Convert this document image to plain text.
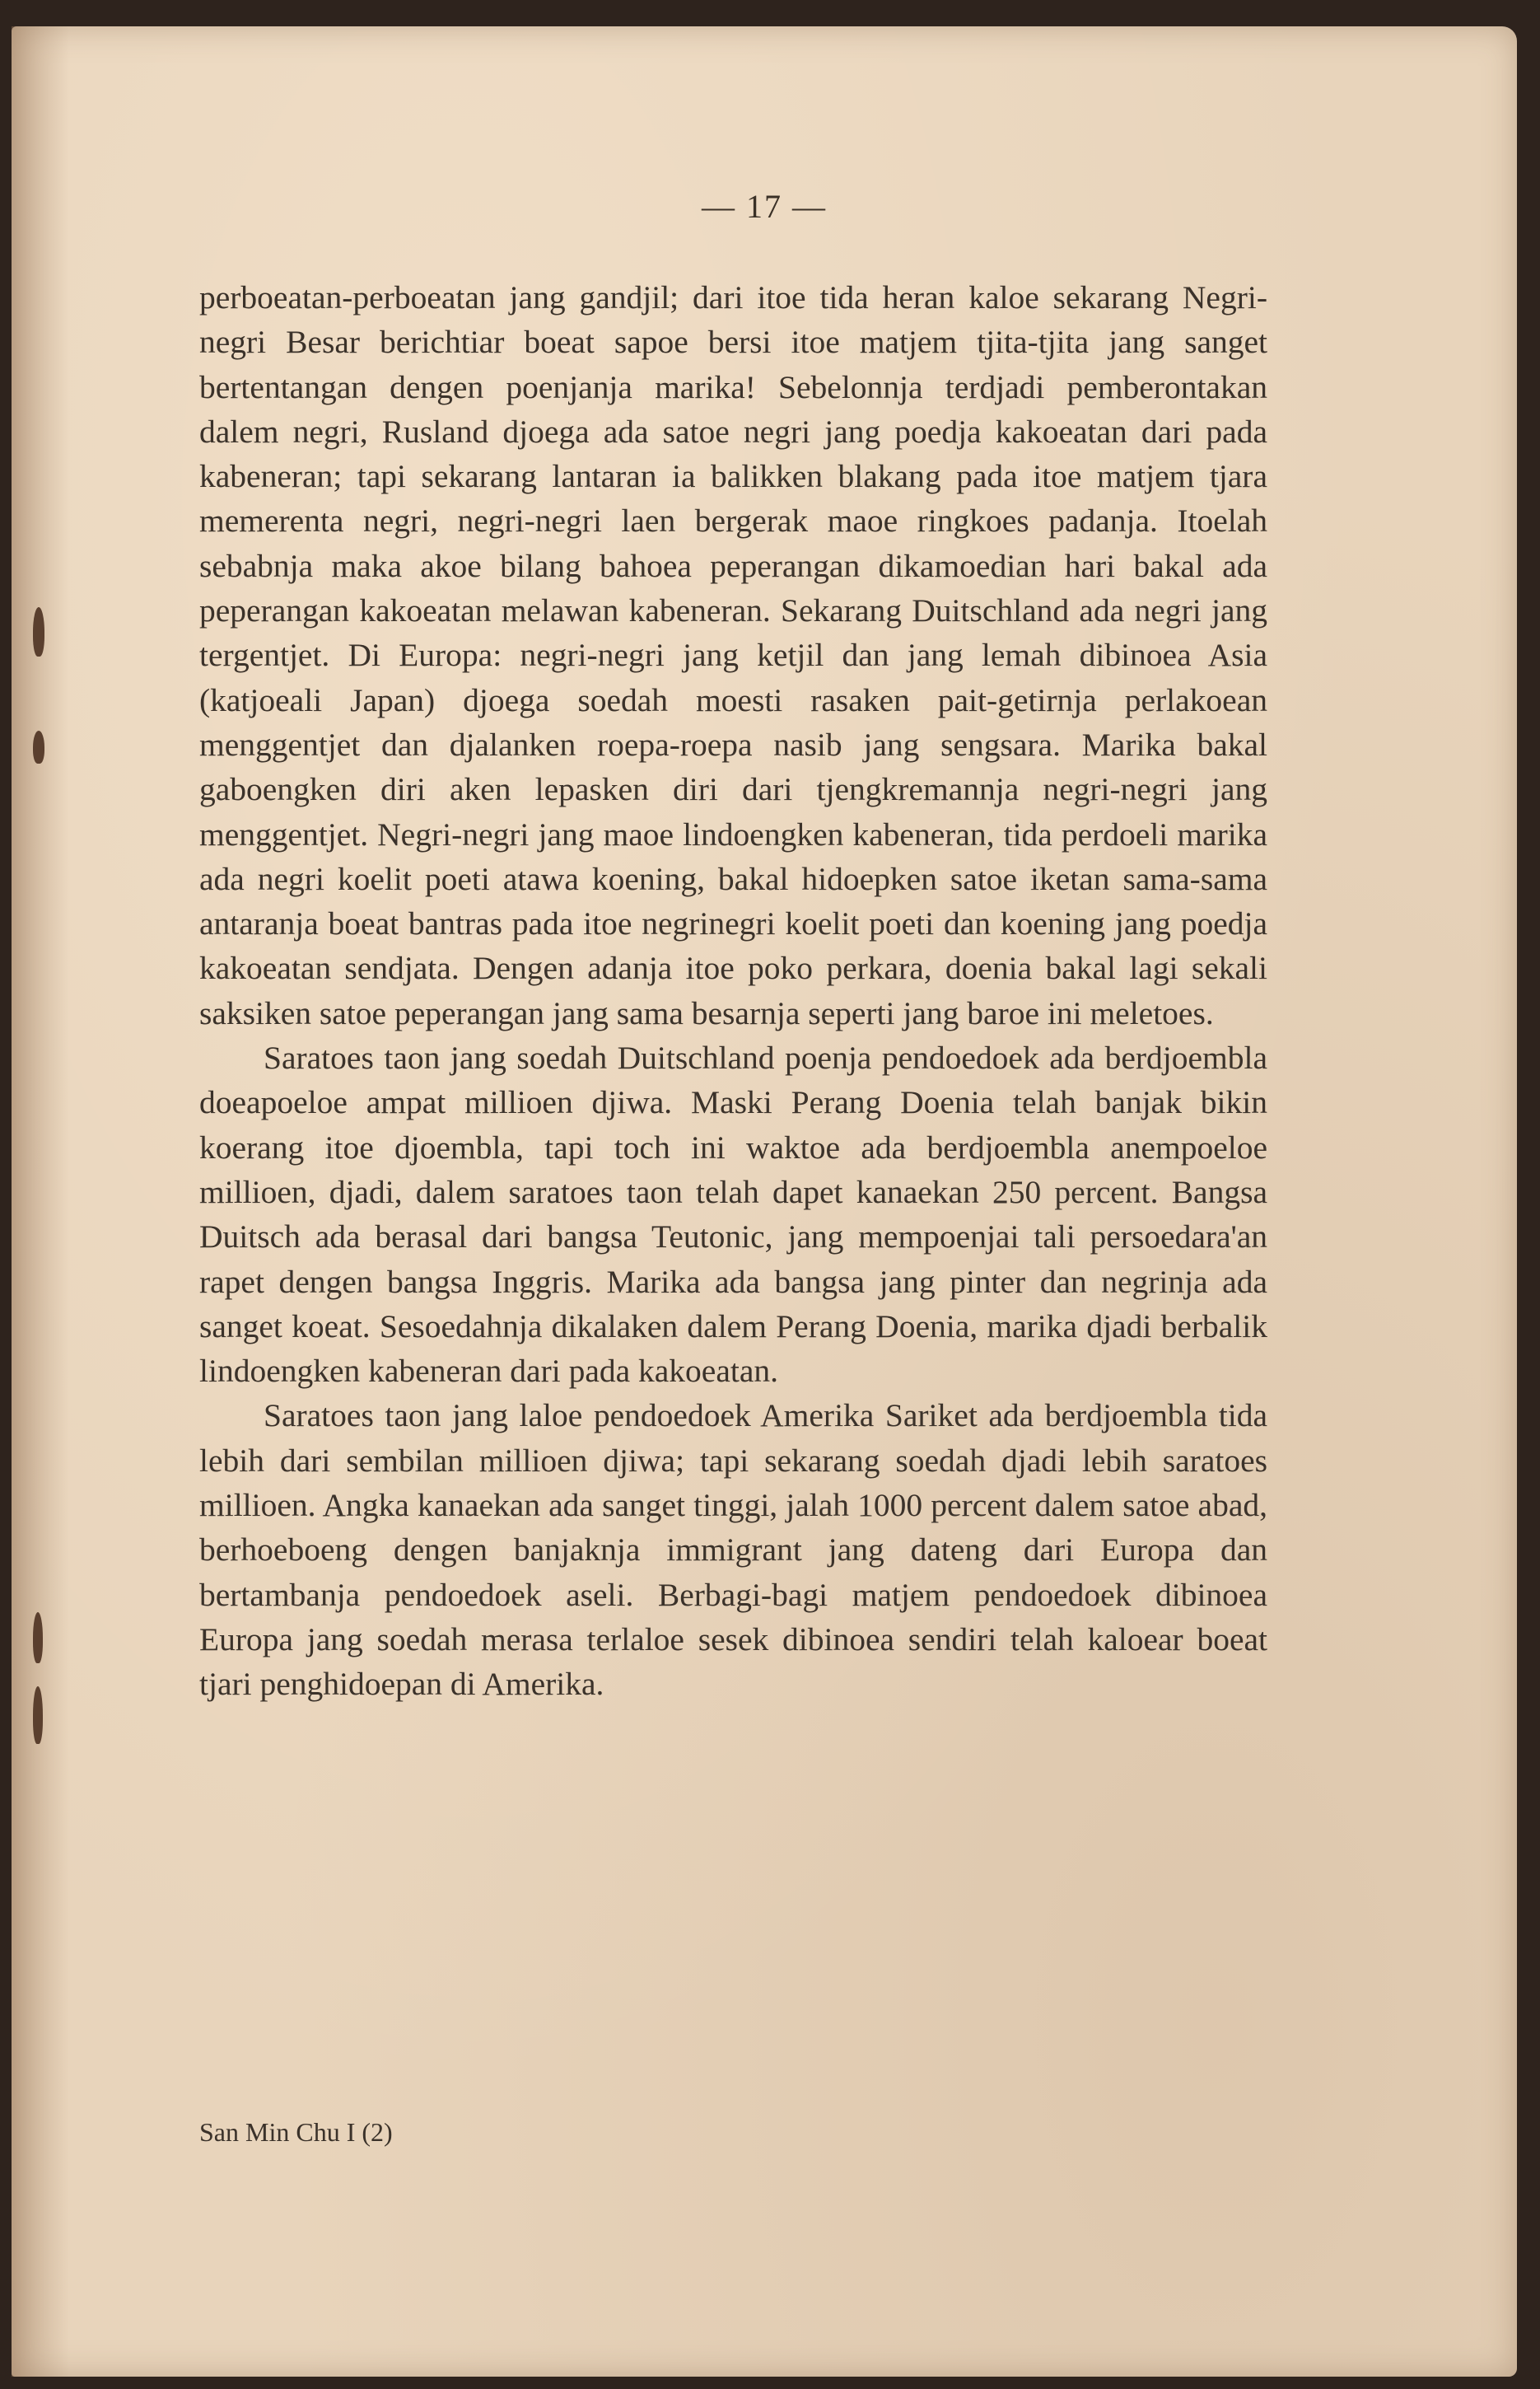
— 17 —

perboeatan-perboeatan jang gandjil; dari itoe tida heran kaloe sekarang Negri-negri Besar berichtiar boeat sapoe bersi itoe matjem tjita-tjita jang sanget bertentangan dengen poenjanja marika! Sebelonnja terdjadi pemberontakan dalem negri, Rusland djoega ada satoe negri jang poedja kakoeatan dari pada kabeneran; tapi sekarang lantaran ia balikken blakang pada itoe matjem tjara memerenta negri, negri-negri laen bergerak maoe ringkoes padanja. Itoelah sebabnja maka akoe bilang bahoea peperangan dikamoedian hari bakal ada peperangan kakoeatan melawan kabeneran. Sekarang Duitschland ada negri jang tergentjet. Di Europa: negri-negri jang ketjil dan jang lemah dibinoea Asia (katjoeali Japan) djoega soedah moesti rasaken pait-getirnja perlakoean menggentjet dan djalanken roepa-roepa nasib jang sengsara. Marika bakal gaboengken diri aken lepasken diri dari tjengkremannja negri-negri jang menggentjet. Negri-negri jang maoe lindoengken kabeneran, tida perdoeli marika ada negri koelit poeti atawa koening, bakal hidoepken satoe iketan sama-sama antaranja boeat bantras pada itoe negrinegri koelit poeti dan koening jang poedja kakoeatan sendjata. Dengen adanja itoe poko perkara, doenia bakal lagi sekali saksiken satoe peperangan jang sama besarnja seperti jang baroe ini meletoes.

Saratoes taon jang soedah Duitschland poenja pendoedoek ada berdjoembla doeapoeloe ampat millioen djiwa. Maski Perang Doenia telah banjak bikin koerang itoe djoembla, tapi toch ini waktoe ada berdjoembla anempoeloe millioen, djadi, dalem saratoes taon telah dapet kanaekan 250 percent. Bangsa Duitsch ada berasal dari bangsa Teutonic, jang mempoenjai tali persoedara'an rapet dengen bangsa Inggris. Marika ada bangsa jang pinter dan negrinja ada sanget koeat. Sesoedahnja dikalaken dalem Perang Doenia, marika djadi berbalik lindoengken kabeneran dari pada kakoeatan.

Saratoes taon jang laloe pendoedoek Amerika Sariket ada berdjoembla tida lebih dari sembilan millioen djiwa; tapi sekarang soedah djadi lebih saratoes millioen. Angka kanaekan ada sanget tinggi, jalah 1000 percent dalem satoe abad, berhoeboeng dengen banjaknja immigrant jang dateng dari Europa dan bertambanja pendoedoek aseli. Berbagi-bagi matjem pendoedoek dibinoea Europa jang soedah merasa terlaloe sesek dibinoea sendiri telah kaloear boeat tjari penghidoepan di Amerika.

San Min Chu I (2)
